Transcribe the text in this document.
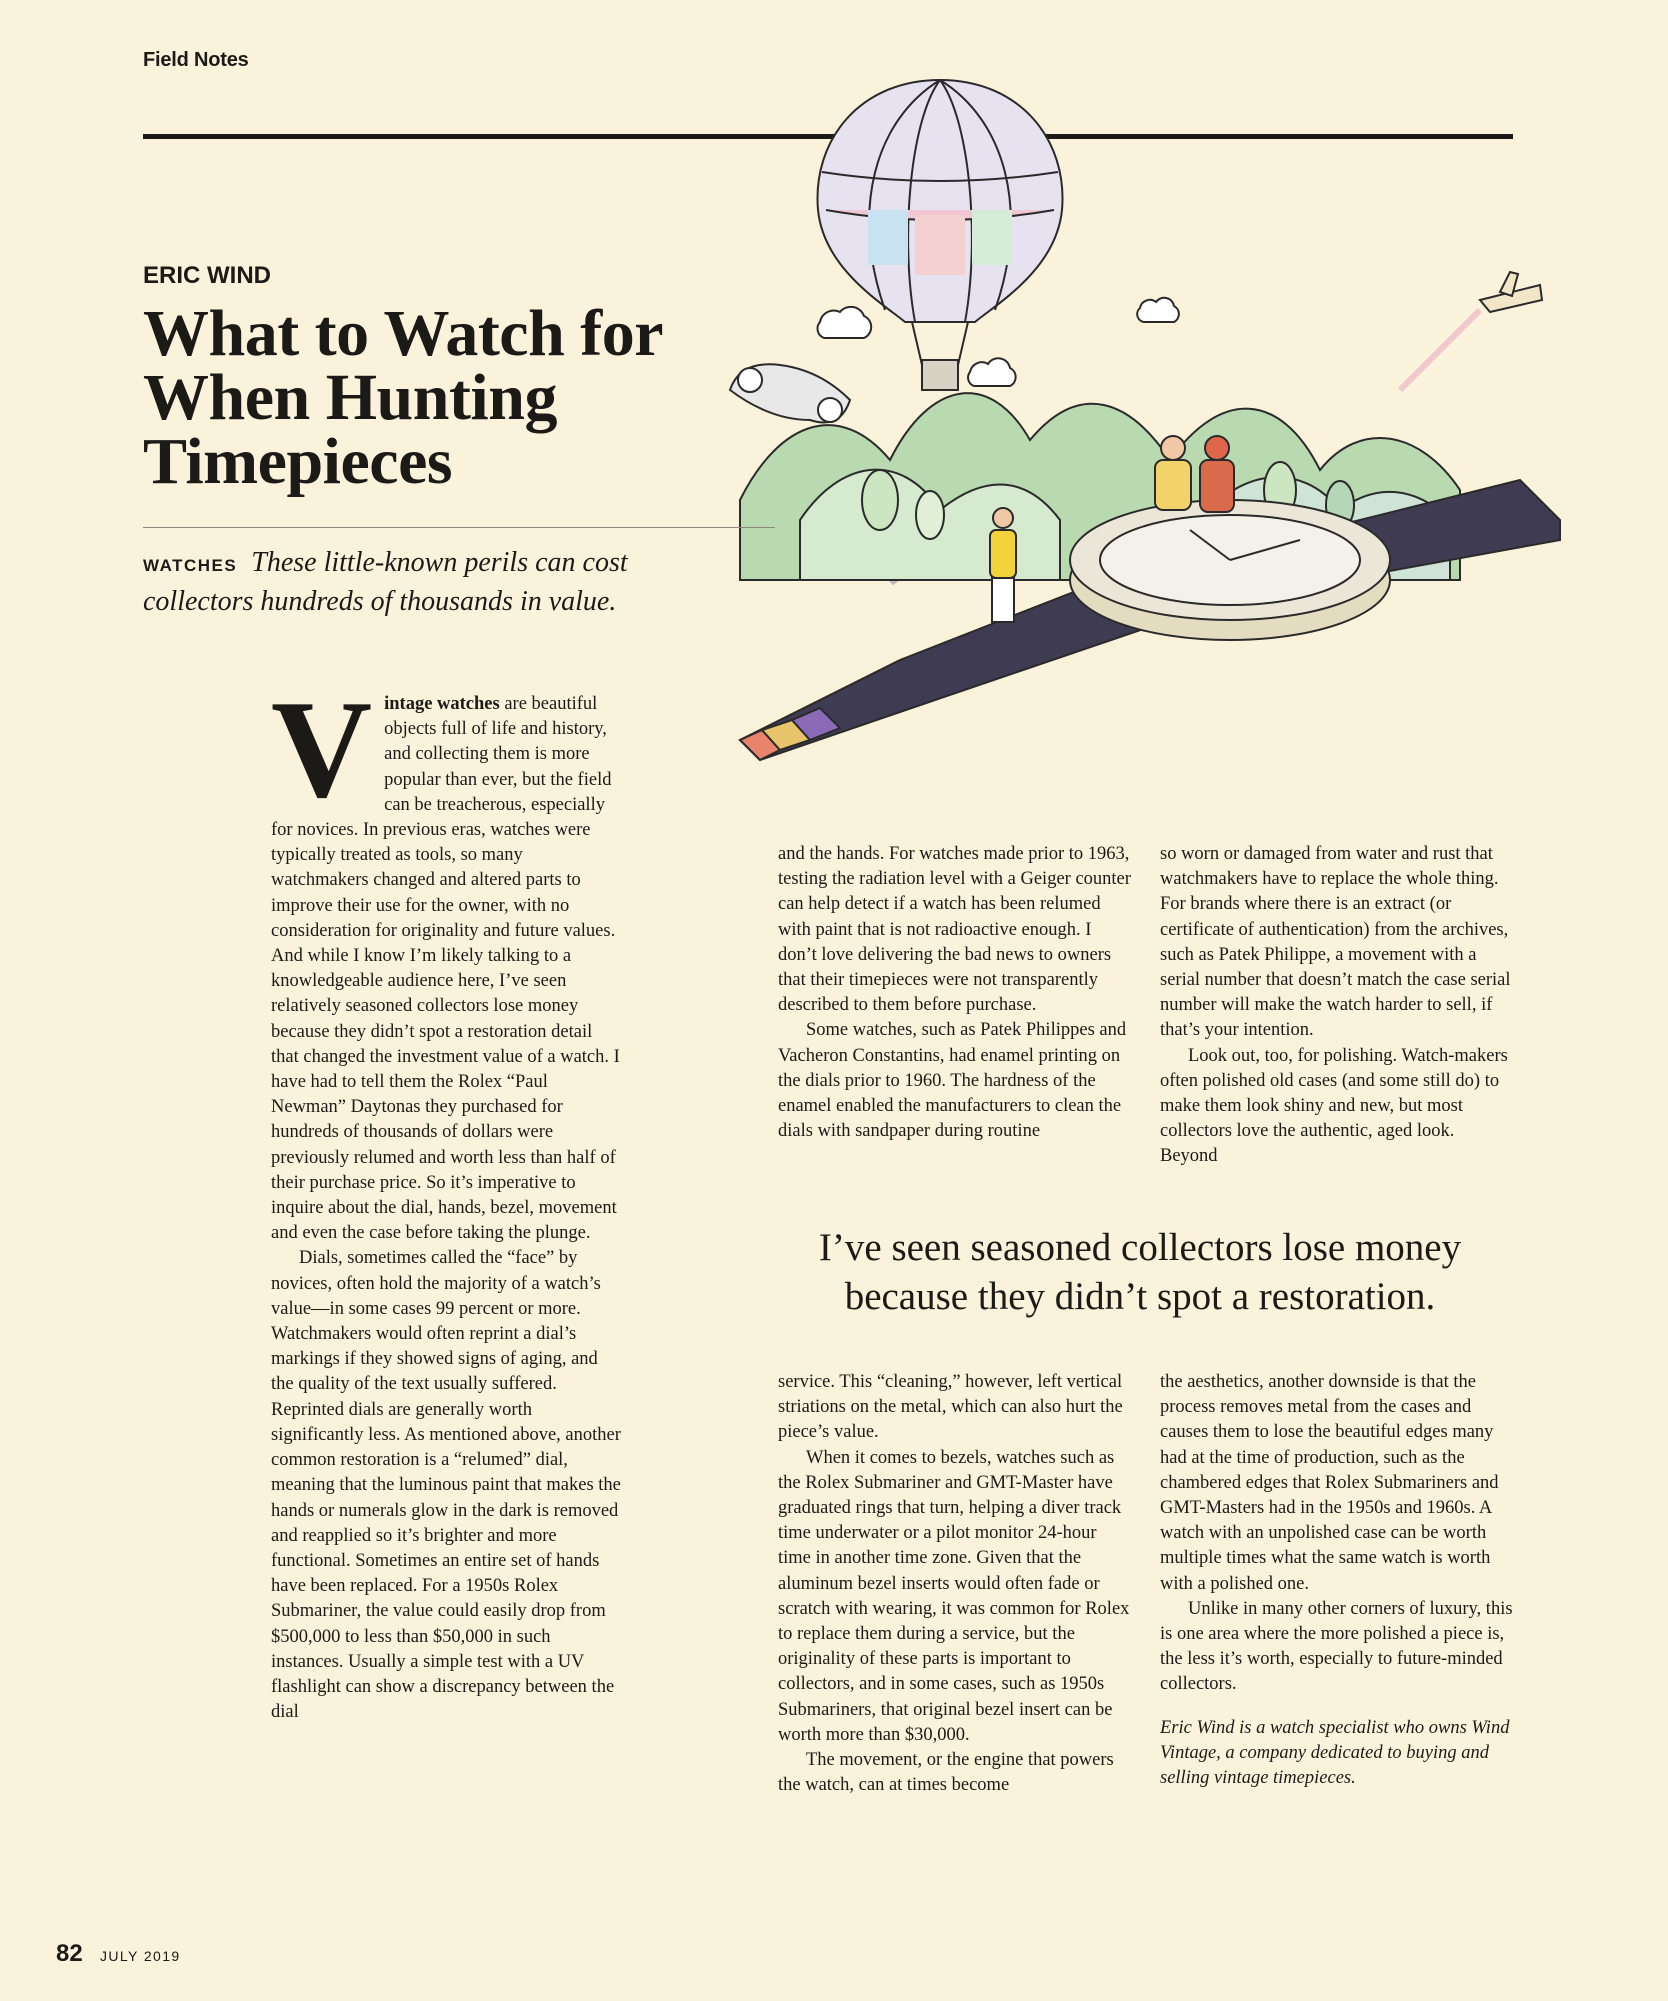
Field Notes
ERIC WIND
What to Watch for When Hunting Timepieces
WATCHES These little-known perils can cost collectors hundreds of thousands in value.

Vintage watches are beautiful objects full of life and history, and collecting them is more popular than ever, but the field can be treacherous, especially for novices. In previous eras, watches were typically treated as tools, so many watchmakers changed and altered parts to improve their use for the owner, with no consideration for originality and future values. And while I know I’m likely talking to a knowledgeable audience here, I’ve seen relatively seasoned collectors lose money because they didn’t spot a restoration detail that changed the investment value of a watch. I have had to tell them the Rolex “Paul Newman” Daytonas they purchased for hundreds of thousands of dollars were previously relumed and worth less than half of their purchase price. So it’s imperative to inquire about the dial, hands, bezel, movement and even the case before taking the plunge.

Dials, sometimes called the “face” by novices, often hold the majority of a watch’s value—in some cases 99 percent or more. Watchmakers would often reprint a dial’s markings if they showed signs of aging, and the quality of the text usually suffered. Reprinted dials are generally worth significantly less. As mentioned above, another common restoration is a “relumed” dial, meaning that the luminous paint that makes the hands or numerals glow in the dark is removed and reapplied so it’s brighter and more functional. Sometimes an entire set of hands have been replaced. For a 1950s Rolex Submariner, the value could easily drop from $500,000 to less than $50,000 in such instances. Usually a simple test with a UV flashlight can show a discrepancy between the dial

and the hands. For watches made prior to 1963, testing the radiation level with a Geiger counter can help detect if a watch has been relumed with paint that is not radioactive enough. I don’t love delivering the bad news to owners that their timepieces were not transparently described to them before purchase.

Some watches, such as Patek Philippes and Vacheron Constantins, had enamel printing on the dials prior to 1960. The hardness of the enamel enabled the manufacturers to clean the dials with sandpaper during routine

so worn or damaged from water and rust that watchmakers have to replace the whole thing. For brands where there is an extract (or certificate of authentication) from the archives, such as Patek Philippe, a movement with a serial number that doesn’t match the case serial number will make the watch harder to sell, if that’s your intention.

Look out, too, for polishing. Watch-makers often polished old cases (and some still do) to make them look shiny and new, but most collectors love the authentic, aged look. Beyond

I’ve seen seasoned collectors lose money because they didn’t spot a restoration.

service. This “cleaning,” however, left vertical striations on the metal, which can also hurt the piece’s value.

When it comes to bezels, watches such as the Rolex Submariner and GMT-Master have graduated rings that turn, helping a diver track time underwater or a pilot monitor 24-hour time in another time zone. Given that the aluminum bezel inserts would often fade or scratch with wearing, it was common for Rolex to replace them during a service, but the originality of these parts is important to collectors, and in some cases, such as 1950s Submariners, that original bezel insert can be worth more than $30,000.

The movement, or the engine that powers the watch, can at times become

the aesthetics, another downside is that the process removes metal from the cases and causes them to lose the beautiful edges many had at the time of production, such as the chambered edges that Rolex Submariners and GMT-Masters had in the 1950s and 1960s. A watch with an unpolished case can be worth multiple times what the same watch is worth with a polished one.

Unlike in many other corners of luxury, this is one area where the more polished a piece is, the less it’s worth, especially to future-minded collectors.

Eric Wind is a watch specialist who owns Wind Vintage, a company dedicated to buying and selling vintage timepieces.

82 JULY 2019
